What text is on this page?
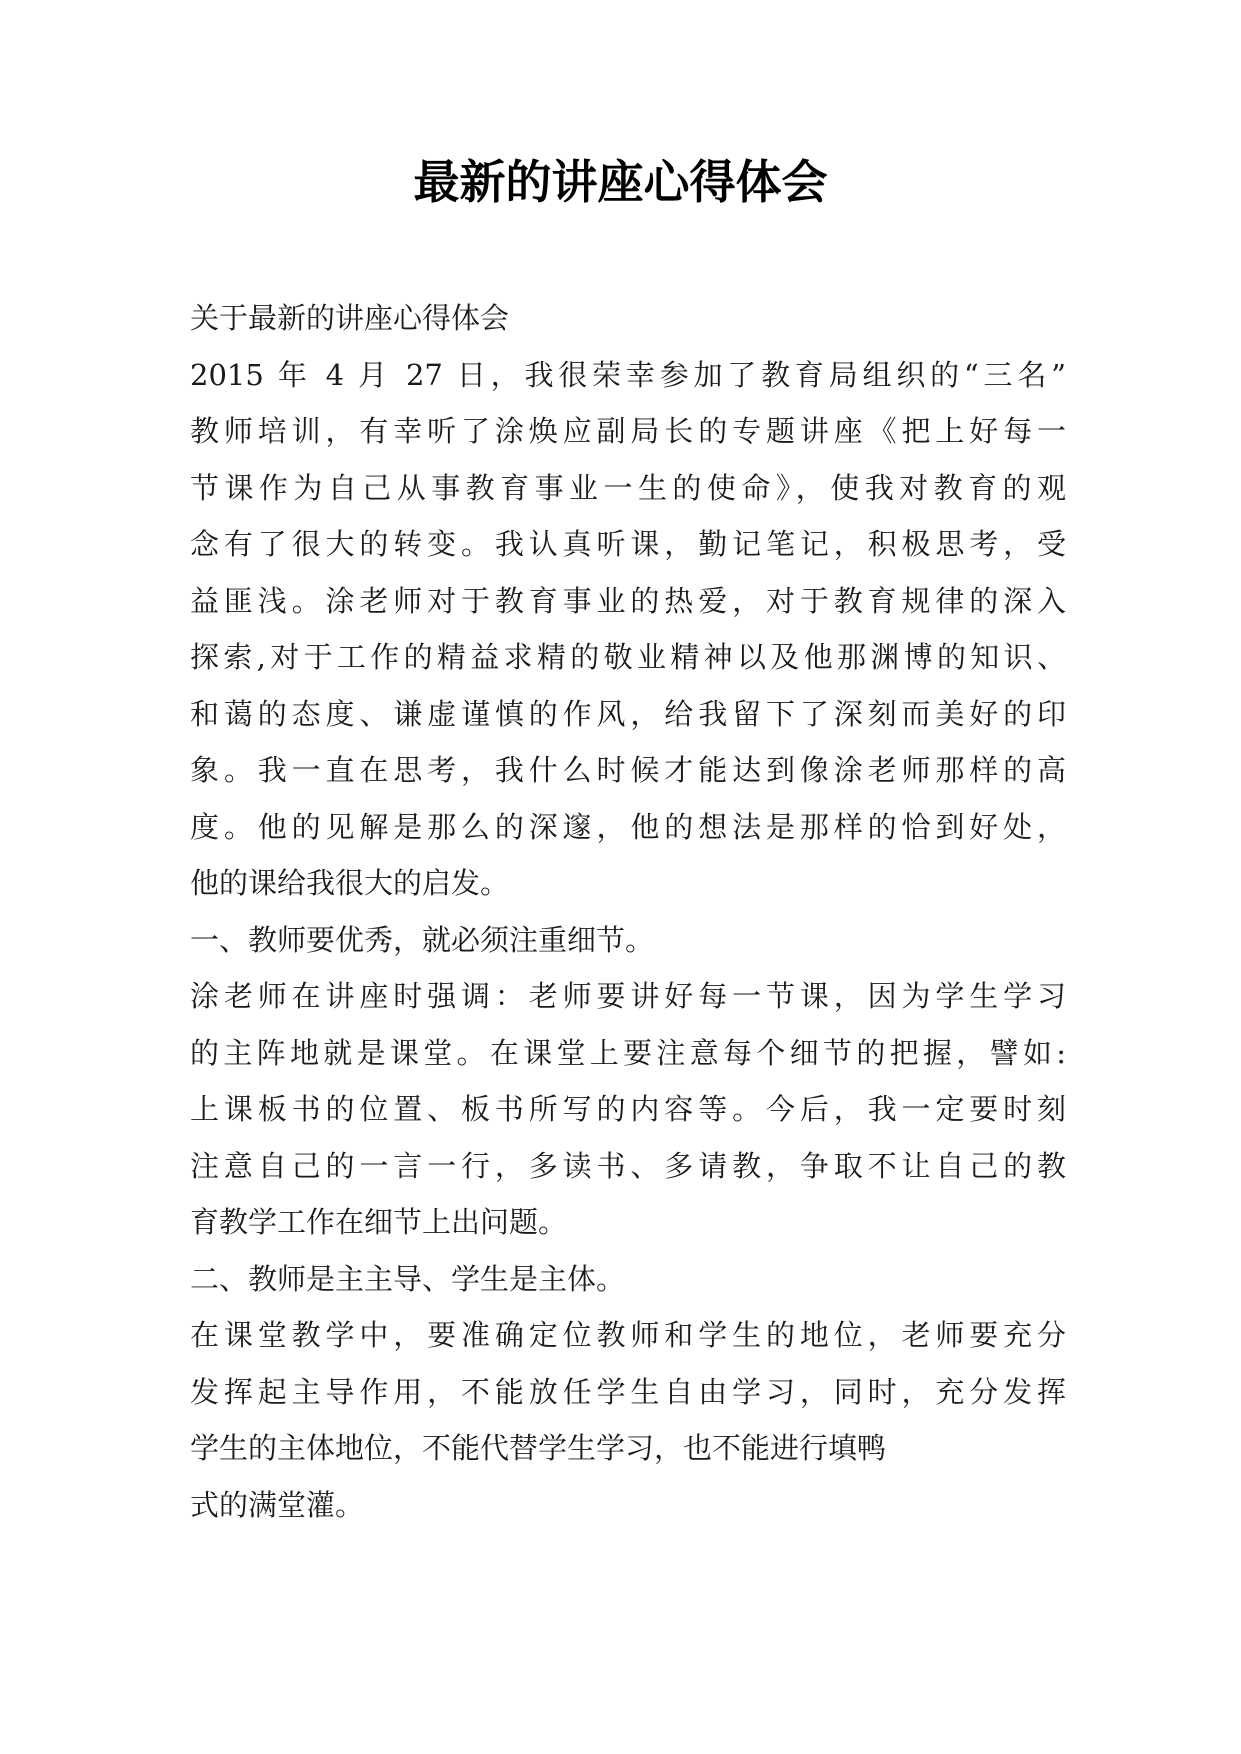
最新的讲座心得体会
关于最新的讲座心得体会
2015 年 4 月 27 日，我很荣幸参加了教育局组织的“三名”
教师培训，有幸听了涂焕应副局长的专题讲座《把上好每一
节课作为自己从事教育事业一生的使命》，使我对教育的观
念有了很大的转变。我认真听课，勤记笔记，积极思考，受
益匪浅。涂老师对于教育事业的热爱，对于教育规律的深入
探索,对于工作的精益求精的敬业精神以及他那渊博的知识、
和蔼的态度、谦虚谨慎的作风，给我留下了深刻而美好的印
象。我一直在思考，我什么时候才能达到像涂老师那样的高
度。他的见解是那么的深邃，他的想法是那样的恰到好处，
他的课给我很大的启发。
一、教师要优秀，就必须注重细节。
涂老师在讲座时强调：老师要讲好每一节课，因为学生学习
的主阵地就是课堂。在课堂上要注意每个细节的把握，譬如:
上课板书的位置、板书所写的内容等。今后，我一定要时刻
注意自己的一言一行，多读书、多请教，争取不让自己的教
育教学工作在细节上出问题。
二、教师是主主导、学生是主体。
在课堂教学中，要准确定位教师和学生的地位，老师要充分
发挥起主导作用，不能放任学生自由学习，同时，充分发挥
学生的主体地位，不能代替学生学习，也不能进行填鸭
式的满堂灌。
